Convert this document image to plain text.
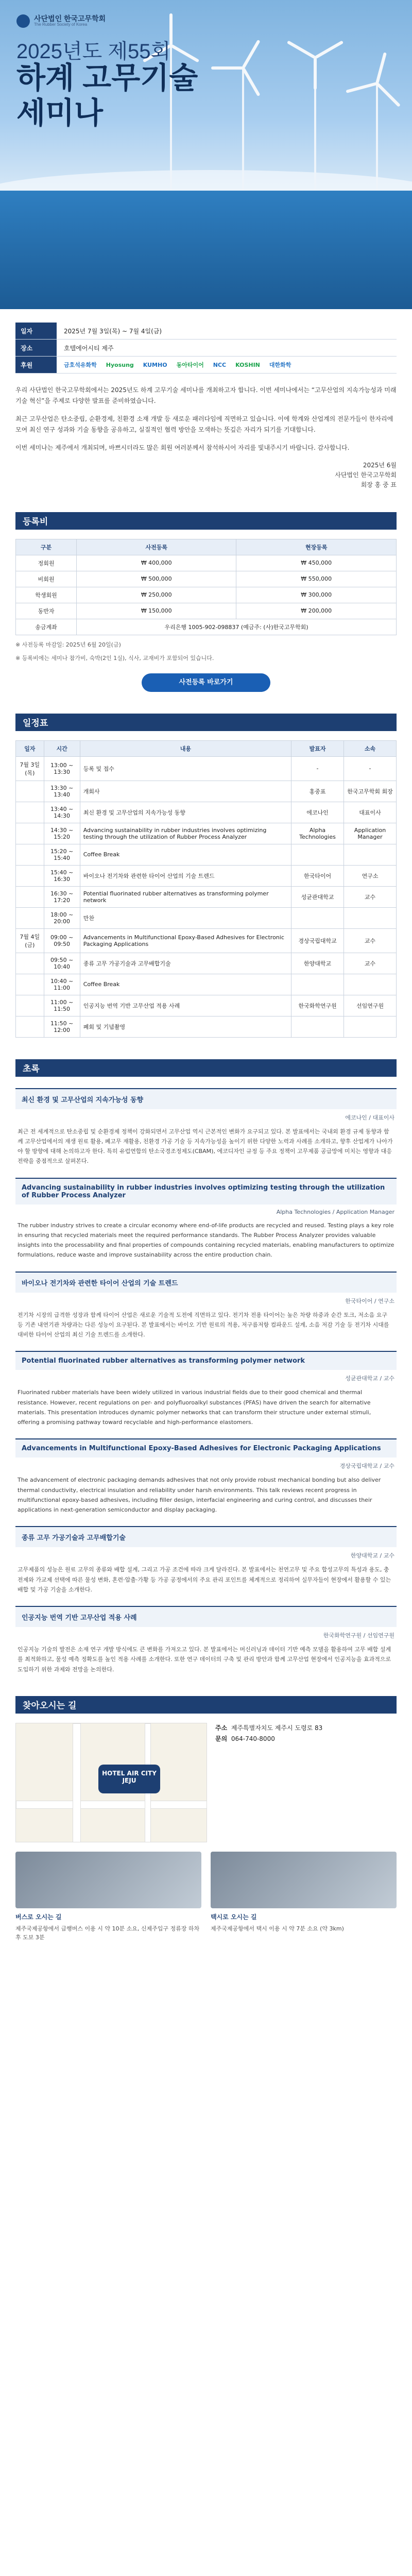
사단법인 한국고무학회
The Rubber Society of Korea
2025년도 제55회
하계 고무기술
세미나
일자	2025년 7월 3일(목) ~ 7월 4일(금)
장소	호텔에어시티 제주
후원	금호석유화학 Hyosung KUMHO 동아타이어 NCC KOSHIN 대한화학

우리 사단법인 한국고무학회에서는 2025년도 하계 고무기술 세미나를 개최하고자 합니다. 이번 세미나에서는 “고무산업의 지속가능성과 미래 기술 혁신”을 주제로 다양한 발표를 준비하였습니다.

최근 고무산업은 탄소중립, 순환경제, 친환경 소재 개발 등 새로운 패러다임에 직면하고 있습니다. 이에 학계와 산업계의 전문가들이 한자리에 모여 최신 연구 성과와 기술 동향을 공유하고, 실질적인 협력 방안을 모색하는 뜻깊은 자리가 되기를 기대합니다.

이번 세미나는 제주에서 개최되며, 바쁘시더라도 많은 회원 여러분께서 참석하시어 자리를 빛내주시기 바랍니다. 감사합니다.

2025년 6월
사단법인 한국고무학회
회장 홍 중 표
등록비
구분	사전등록	현장등록
정회원	₩ 400,000	₩ 450,000
비회원	₩ 500,000	₩ 550,000
학생회원	₩ 250,000	₩ 300,000
동반자	₩ 150,000	₩ 200,000
송금계좌	우리은행 1005-902-098837 (예금주: (사)한국고무학회)	
※ 사전등록 마감일: 2025년 6월 20일(금)
※ 등록비에는 세미나 참가비, 숙박(2인 1실), 식사, 교재비가 포함되어 있습니다.
사전등록 바로가기
일정표
일자	시간	내용	발표자	소속
7월 3일 (목)	13:00 ~ 13:30	등록 및 접수	-	-
	13:30 ~ 13:40	개회사	홍중표	한국고무학회 회장
	13:40 ~ 14:30	최신 환경 및 고무산업의 지속가능성 동향	에코나인	대표이사
	14:30 ~ 15:20	Advancing sustainability in rubber industries involves optimizing testing through the utilization of Rubber Process Analyzer	Alpha Technologies	Application Manager
	15:20 ~ 15:40	Coffee Break		
	15:40 ~ 16:30	바이오나 전기차와 관련한 타이어 산업의 기술 트렌드	한국타이어	연구소
	16:30 ~ 17:20	Potential fluorinated rubber alternatives as transforming polymer network	성균관대학교	교수
	18:00 ~ 20:00	만찬		
7월 4일 (금)	09:00 ~ 09:50	Advancements in Multifunctional Epoxy-Based Adhesives for Electronic Packaging Applications	경상국립대학교	교수
	09:50 ~ 10:40	종류 고무 가공기술과 고무배합기술	한양대학교	교수
	10:40 ~ 11:00	Coffee Break		
	11:00 ~ 11:50	인공지능 번역 기반 고무산업 적용 사례	한국화학연구원	선임연구원
	11:50 ~ 12:00	폐회 및 기념촬영		
초록
최신 환경 및 고무산업의 지속가능성 동향
에코나인 / 대표이사
최근 전 세계적으로 탄소중립 및 순환경제 정책이 강화되면서 고무산업 역시 근본적인 변화가 요구되고 있다. 본 발표에서는 국내외 환경 규제 동향과 함께 고무산업에서의 재생 원료 활용, 폐고무 재활용, 친환경 가공 기술 등 지속가능성을 높이기 위한 다양한 노력과 사례를 소개하고, 향후 산업계가 나아가야 할 방향에 대해 논의하고자 한다. 특히 유럽연합의 탄소국경조정제도(CBAM), 에코디자인 규정 등 주요 정책이 고무제품 공급망에 미치는 영향과 대응 전략을 중점적으로 살펴본다.
Advancing sustainability in rubber industries involves optimizing testing through the utilization of Rubber Process Analyzer
Alpha Technologies / Application Manager
The rubber industry strives to create a circular economy where end-of-life products are recycled and reused. Testing plays a key role in ensuring that recycled materials meet the required performance standards. The Rubber Process Analyzer provides valuable insights into the processability and final properties of compounds containing recycled materials, enabling manufacturers to optimize formulations, reduce waste and improve sustainability across the entire production chain.
바이오나 전기차와 관련한 타이어 산업의 기술 트렌드
한국타이어 / 연구소
전기차 시장의 급격한 성장과 함께 타이어 산업은 새로운 기술적 도전에 직면하고 있다. 전기차 전용 타이어는 높은 차량 하중과 순간 토크, 저소음 요구 등 기존 내연기관 차량과는 다른 성능이 요구된다. 본 발표에서는 바이오 기반 원료의 적용, 저구름저항 컴파운드 설계, 소음 저감 기술 등 전기차 시대를 대비한 타이어 산업의 최신 기술 트렌드를 소개한다.
Potential fluorinated rubber alternatives as transforming polymer network
성균관대학교 / 교수
Fluorinated rubber materials have been widely utilized in various industrial fields due to their good chemical and thermal resistance. However, recent regulations on per- and polyfluoroalkyl substances (PFAS) have driven the search for alternative materials. This presentation introduces dynamic polymer networks that can transform their structure under external stimuli, offering a promising pathway toward recyclable and high-performance elastomers.
Advancements in Multifunctional Epoxy-Based Adhesives for Electronic Packaging Applications
경상국립대학교 / 교수
The advancement of electronic packaging demands adhesives that not only provide robust mechanical bonding but also deliver thermal conductivity, electrical insulation and reliability under harsh environments. This talk reviews recent progress in multifunctional epoxy-based adhesives, including filler design, interfacial engineering and curing control, and discusses their applications in next-generation semiconductor and display packaging.
종류 고무 가공기술과 고무배합기술
한양대학교 / 교수
고무제품의 성능은 원료 고무의 종류와 배합 설계, 그리고 가공 조건에 따라 크게 달라진다. 본 발표에서는 천연고무 및 주요 합성고무의 특성과 용도, 충전제와 가교제 선택에 따른 물성 변화, 혼련·압출·가황 등 가공 공정에서의 주요 관리 포인트를 체계적으로 정리하여 실무자들이 현장에서 활용할 수 있는 배합 및 가공 기술을 소개한다.
인공지능 번역 기반 고무산업 적용 사례
한국화학연구원 / 선임연구원
인공지능 기술의 발전은 소재 연구 개발 방식에도 큰 변화를 가져오고 있다. 본 발표에서는 머신러닝과 데이터 기반 예측 모델을 활용하여 고무 배합 설계를 최적화하고, 물성 예측 정확도를 높인 적용 사례를 소개한다. 또한 연구 데이터의 구축 및 관리 방안과 함께 고무산업 현장에서 인공지능을 효과적으로 도입하기 위한 과제와 전망을 논의한다.
찾아오시는 길
HOTEL AIR CITY JEJU
주소 제주특별자치도 제주시 도령로 83
문의 064-740-8000
버스로 오시는 길
제주국제공항에서 급행버스 이용 시 약 10분 소요, 신제주입구 정류장 하차 후 도보 3분
택시로 오시는 길
제주국제공항에서 택시 이용 시 약 7분 소요 (약 3km)
